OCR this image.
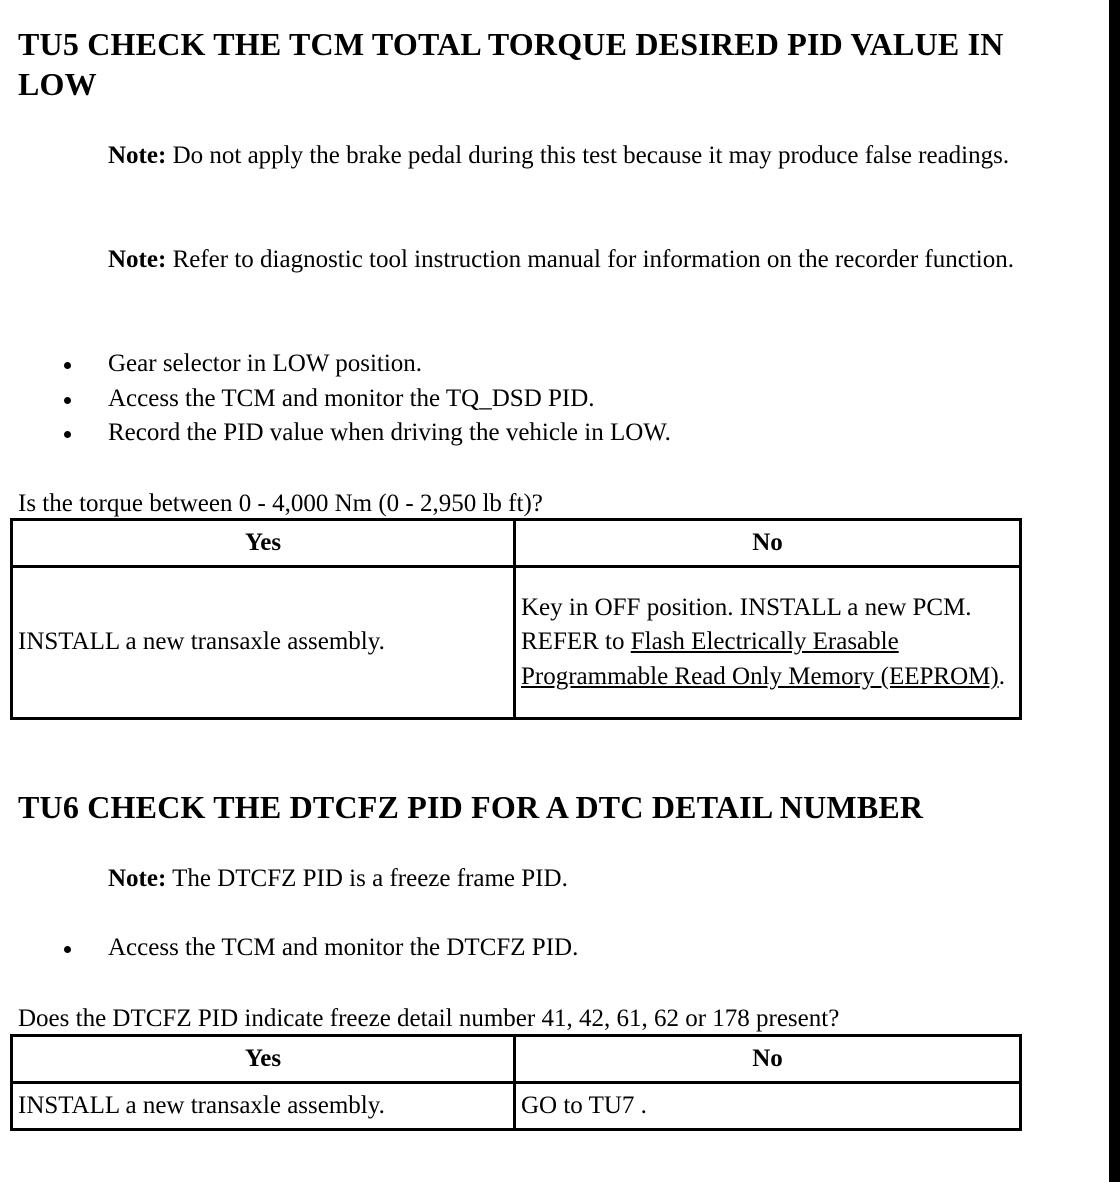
TU5 CHECK THE TCM TOTAL TORQUE DESIRED PID VALUE IN LOW
Note: Do not apply the brake pedal during this test because it may produce false readings.
Note: Refer to diagnostic tool instruction manual for information on the recorder function.
Gear selector in LOW position.
Access the TCM and monitor the TQ_DSD PID.
Record the PID value when driving the vehicle in LOW.
Is the torque between 0 - 4,000 Nm (0 - 2,950 lb ft)?
Yes	No
INSTALL a new transaxle assembly.	Key in OFF position. INSTALL a new PCM. REFER to Flash Electrically Erasable Programmable Read Only Memory (EEPROM).
TU6 CHECK THE DTCFZ PID FOR A DTC DETAIL NUMBER
Note: The DTCFZ PID is a freeze frame PID.
Access the TCM and monitor the DTCFZ PID.
Does the DTCFZ PID indicate freeze detail number 41, 42, 61, 62 or 178 present?
Yes	No
INSTALL a new transaxle assembly.	GO to TU7 .
